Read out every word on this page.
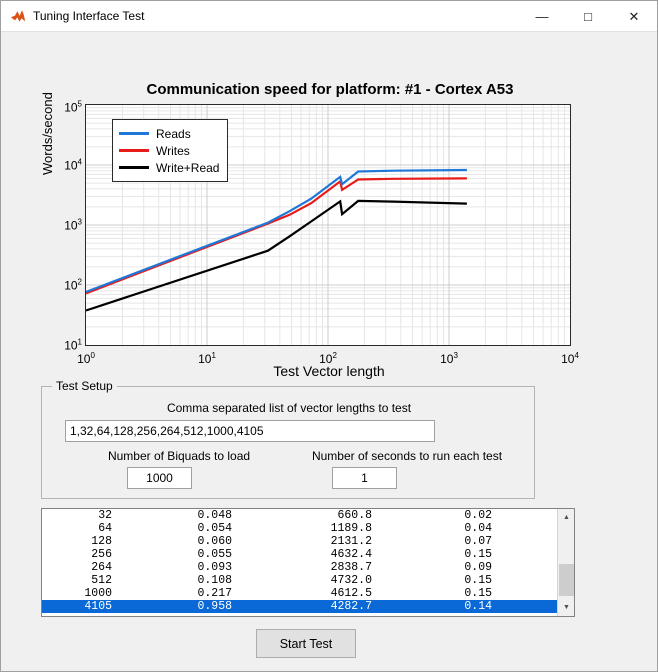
Tuning Interface Test	—	□	✕
Communication speed for platform: #1 - Cortex A53
Words/second
$10^1$
$10^2$
$10^3$
$10^4$
$10^5$
$10^0$	$10^1$	$10^2$	$10^3$	$10^4$
Test Vector length
Reads
Writes
Write+Read
Test Setup
Comma separated list of vector lengths to test
1,32,64,128,256,264,512,1000,4105
Number of Biquads to load
1000	Number of seconds to run each test
1
32	0.048	660.8	0.02
64	0.054	1189.8	0.04
128	0.060	2131.2	0.07
256	0.055	4632.4	0.15
264	0.093	2838.7	0.09
512	0.108	4732.0	0.15
1000	0.217	4612.5	0.15
4105	0.958	4282.7	0.14
▲
▼
Start Test
